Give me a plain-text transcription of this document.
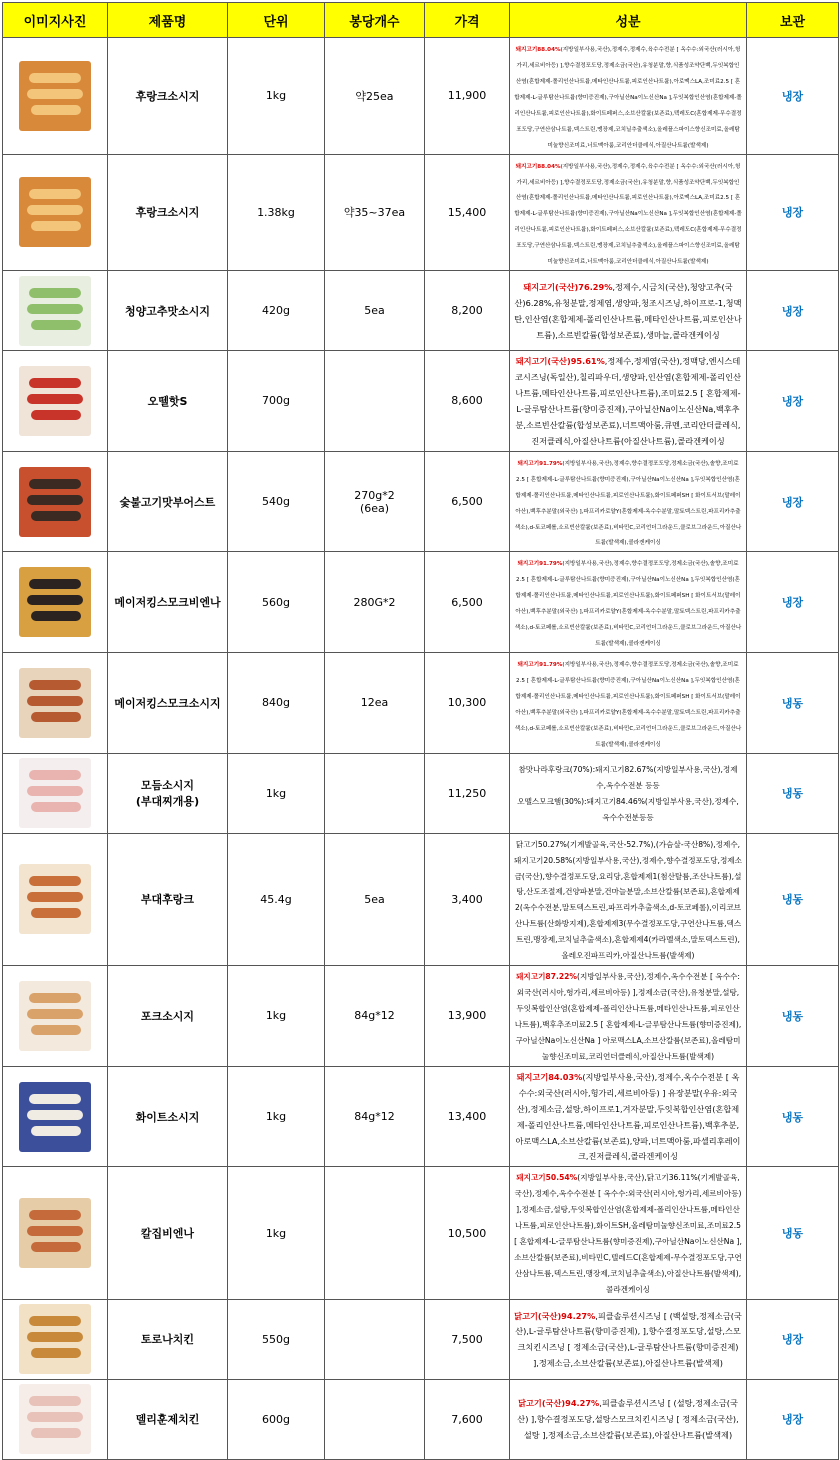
이미지사진	제품명	단위	봉당개수	가격	성분	보관

	후랑크소시지	1kg	약25ea	11,900	돼지고기88.04%(지방일부사용,국산),정제수,정제수,육수수전분 [ 옥수수:외국산(러시아,헝가리,세르비아등) ],향수결정포도당,정제소금(국산),유청분말,향,식품성조약단백,두잇복합인산염(혼합제제-폴리인산나트륨,메타인산나트륨,피로인산나트륨),아로맥스LA,조미료2.5 [ 혼합제제-L-글루탐산나트륨(향미증진제),구아닐산Na이노신산Na ],두잇복합인산염(혼합제제-폴리인산나트륨,피로인산나트륨),화이트페퍼스,소브산칼륨(보존료),텍레도C(혼합제제-무수결정포도당,구연산삼나트륨,덱스트린,맹장제,코치닐추출색소),올레플스파이스향신조미료,올레탐미눌향신조미료,너트맥아룸,코리안더클레식,아질산나트륨(발색제)	냉장

	후랑크소시지	1.38kg	약35~37ea	15,400	돼지고기88.04%(지방일부사용,국산),정제수,정제수,육수수전분 [ 옥수수:외국산(러시아,헝가리,세르비아등) ],향수결정포도당,정제소금(국산),유청분말,향,식품성조약단백,두잇복합인산염(혼합제제-폴리인산나트륨,메타인산나트륨,피로인산나트륨),아로맥스LA,조미료2.5 [ 혼합제제-L-글루탐산나트륨(향미증진제),구아닐산Na이노신산Na ],두잇복합인산염(혼합제제-폴리인산나트륨,피로인산나트륨),화이트페퍼스,소브산칼륨(보존료),텍레도C(혼합제제-무수결정포도당,구연산삼나트륨,덱스트린,맹장제,코치닐추출색소),올레플스파이스향신조미료,올레탐미눌향신조미료,너트맥아룸,코리안더클레식,아질산나트륨(발색제)	냉장

	청양고추맛소시지	420g	5ea	8,200	돼지고기(국산)76.29%,정제수,시금치(국산),청양고추(국산)6.28%,유청분말,정제염,생양파,청조시즈닝,하이프로-1,청맥탄,인산염(혼합제제-폴리인산나트륨,메타인산나트륨,피로인산나트륨),소르빈칼륨(합성보존료),생마늘,콜라겐케이싱	냉장

	오뗄핫S	700g		8,600	돼지고기(국산)95.61%,정제수,정제염(국산),정맥당,엔시스데코시즈닝(독일산),칠리파우더,생양파,인산염(혼합제제-폴리인산나트륨,메타인산나트륨,피로인산나트륨),조미료2.5 [ 혼합제제-L-글루탐산나트륨(향미증진제),구아닐산Na이노신산Na,백후추분,소르빈산칼륨(합성보존료),너트맥아룸,큐멘,코리안더클레식,진저클레식,아질산나트륨(아질산나트륨),콜라겐케이싱	냉장

	숯불고기맛부어스트	540g	270g*2
(6ea)	6,500	돼지고기91.79%(지방일부사용,국산),정제수,향수결정포도당,정제소금(국산),솔향,조미료2.5 [ 혼합제제-L-글루탐산나트륨(향미증진제),구아닐산Na이노신산Na ],두잇복합인산염(혼합제제-폴리인산나트륨,메타인산나트륨,피로인산나트륨),화이트페퍼SH [ 화이트서브(말레이아산),백후추분말(외국산) ],파프리카로얄Y(혼합제제-옥수수분말,말토덱스트린,파프리카추출색소),d-토코페롤,소르빈산칼륨(보존료),비타민C,코리언더그라운드,클로브그라운드,아질산나트륨(발색제),콜라겐케이싱	냉장

	메이저킹스모크비엔나	560g	280G*2	6,500	돼지고기91.79%(지방일부사용,국산),정제수,향수결정포도당,정제소금(국산),솔향,조미료2.5 [ 혼합제제-L-글루탐산나트륨(향미증진제),구아닐산Na이노신산Na ],두잇복합인산염(혼합제제-폴리인산나트륨,메타인산나트륨,피로인산나트륨),화이트페퍼SH [ 화이트서브(말레이아산),백후추분말(외국산) ],파프리카로얄Y(혼합제제-옥수수분말,말토덱스트린,파프리카추출색소),d-토코페롤,소르빈산칼륨(보존료),비타민C,코리언더그라운드,클로브그라운드,아질산나트륨(발색제),콜라겐케이싱	냉장

	메이저킹스모크소시지	840g	12ea	10,300	돼지고기91.79%(지방일부사용,국산),정제수,향수결정포도당,정제소금(국산),솔향,조미료2.5 [ 혼합제제-L-글루탐산나트륨(향미증진제),구아닐산Na이노신산Na ],두잇복합인산염(혼합제제-폴리인산나트륨,메타인산나트륨,피로인산나트륨),화이트페퍼SH [ 화이트서브(말레이아산),백후추분말(외국산) ],파프리카로얄Y(혼합제제-옥수수분말,말토덱스트린,파프리카추출색소),d-토코페롤,소르빈산칼륨(보존료),비타민C,코리언더그라운드,클로브그라운드,아질산나트륨(발색제),콜라겐케이싱	냉동

	모듬소시지
(부대찌개용)	1kg		11,250	참맛나라후랑크(70%):돼지고기82.67%(지방일부사용,국산),정제수,옥수수전분 등등
오뗄스모크햄(30%):돼지고기84.46%(지방일부사용,국산),정제수,옥수수전분등등	냉동

	부대후랑크	45.4g	5ea	3,400	닭고기50.27%(기계발골육,국산-52.7%),(가슴살-국산8%),정제수,돼지고기20.58%(지방일부사용,국산),정제수,향수결정포도당,정제소금(국산),향수결정포도당,요리당,혼합제제1(첨산탈륨,조산나트륨),설탕,산도조절제,건양파분말,건마늘분말,소브산칼륨(보존료),혼합제제2(옥수수전분,말토덱스트린,파프리카추출색소,d-토코페롤),이리코브산나트륨(산화방지제),혼합제제3(무수결정포도당,구연산나트륨,덱스트린,맹장제,코치닐추출색소),혼합제제4(카라멜색소,말토덱스트린),올레오진파프리카,아질산나트륨(발색제)	냉동

	포크소시지	1kg	84g*12	13,900	돼지고기87.22%(지방일부사용,국산),정제수,옥수수전분 [ 옥수수:외국산(러시아,헝가리,세르비아등) ],정제소금(국산),유청분말,설탕,두잇복합인산염(혼합제제-폴리인산나트륨,메타인산나트륨,피로인산나트륨),백후추조미료2.5 [ 혼합제제-L-글루탐산나트륨(향미증진제),구아닐산Na이노신산Na ] 아로맥스LA,소브산칼륨(보존료),올레탐미눌향신조미료,코리언더클레식,아질산나트륨(발색제)	냉동

	화이트소시지	1kg	84g*12	13,400	돼지고기84.03%(지방일부사용,국산),정제수,옥수수전분 [ 옥수수:외국산(러시아,헝가리,세르비아등) ] 유장분말(우유:외국산),정제소금,설탕,하이프로1,겨자분말,두잇복합인산염(혼합제제-폴리인산나트륨,메타인산나트륨,피로인산나트륨),백후추분,아로맥스LA,소브산칼륨(보존료),양파,너트맥아룸,파셀리후레이크,진저클레식,콜라겐케이싱	냉동

	칼집비엔나	1kg		10,500	돼지고기50.54%(지방일부사용,국산),닭고기36.11%(기계발골육,국산),정제수,옥수수전분 [ 옥수수:외국산(러시아,헝가리,세르비아등) ],정제소금,설탕,두잇복합인산염(혼합제제-폴리인산나트륨,메타인산나트륨,피로인산나트륨),화이트SH,올레탐미눌향신조미료,조미료2.5 [ 혼합제제-L-글루탐산나트륨(향미증진제),구아닐산Na이노신산Na ],소브산칼륨(보존료),비타민C,텔레드C(혼합제제-무수결정포도당,구연산삼나트륨,덱스트린,맹장제,코치닐추출색소),아질산나트륨(발색제),콜라겐케이싱	냉동

	토로나치킨	550g		7,500	닭고기(국산)94.27%,피클솔루션시즈닝 [ (백설탕,정제소금(국산),L-글루탐산나트륨(향미증진제), ],향수결정포도당,설탕,스모크치킨시즈닝 [ 정제소금(국산),L-글루탐산나트륨(향미증진제) ],정제소금,소브산칼륨(보존료),아질산나트륨(발색제)	냉장

	델리훈제치킨	600g		7,600	닭고기(국산)94.27%,피클솔루션시즈닝 [ (설탕,정제소금(국산) ],향수결정포도당,설탕스모크치킨시즈닝 [ 정제소금(국산),설탕 ],정제소금,소브산칼륨(보존료),아질산나트륨(발색제)	냉장
